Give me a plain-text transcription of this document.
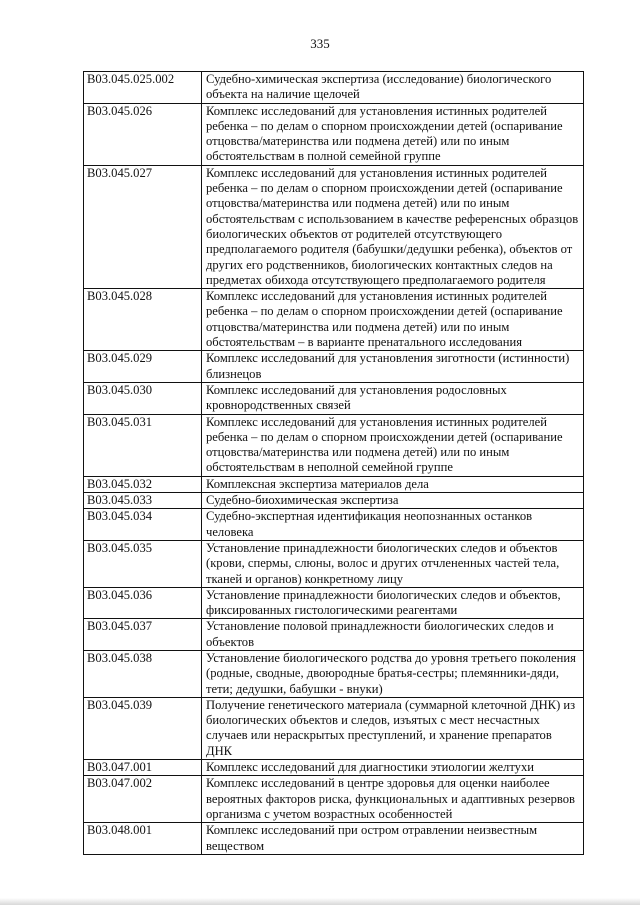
335
B03.045.025.002	Судебно-химическая экспертиза (исследование) биологического объекта на наличие щелочей
B03.045.026	Комплекс исследований для установления истинных родителей ребенка – по делам о спорном происхождении детей (оспаривание отцовства/материнства или подмена детей) или по иным обстоятельствам в полной семейной группе
B03.045.027	Комплекс исследований для установления истинных родителей ребенка – по делам о спорном происхождении детей (оспаривание отцовства/материнства или подмена детей) или по иным обстоятельствам с использованием в качестве референсных образцов биологических объектов от родителей отсутствующего предполагаемого родителя (бабушки/дедушки ребенка), объектов от других его родственников, биологических контактных следов на предметах обихода отсутствующего предполагаемого родителя
B03.045.028	Комплекс исследований для установления истинных родителей ребенка – по делам о спорном происхождении детей (оспаривание отцовства/материнства или подмена детей) или по иным обстоятельствам – в варианте пренатального исследования
B03.045.029	Комплекс исследований для установления зиготности (истинности) близнецов
B03.045.030	Комплекс исследований для установления родословных кровнородственных связей
B03.045.031	Комплекс исследований для установления истинных родителей ребенка – по делам о спорном происхождении детей (оспаривание отцовства/материнства или подмена детей) или по иным обстоятельствам в неполной семейной группе
B03.045.032	Комплексная экспертиза материалов дела
B03.045.033	Судебно-биохимическая экспертиза
B03.045.034	Судебно-экспертная идентификация неопознанных останков человека
B03.045.035	Установление принадлежности биологических следов и объектов (крови, спермы, слюны, волос и других отчлененных частей тела, тканей и органов) конкретному лицу
B03.045.036	Установление принадлежности биологических следов и объектов, фиксированных гистологическими реагентами
B03.045.037	Установление половой принадлежности биологических следов и объектов
B03.045.038	Установление биологического родства до уровня третьего поколения (родные, сводные, двоюродные братья-сестры; племянники-дяди, тети; дедушки, бабушки - внуки)
B03.045.039	Получение генетического материала (суммарной клеточной ДНК) из биологических объектов и следов, изъятых с мест несчастных случаев или нераскрытых преступлений, и хранение препаратов ДНК
B03.047.001	Комплекс исследований для диагностики этиологии желтухи
B03.047.002	Комплекс исследований в центре здоровья для оценки наиболее вероятных факторов риска, функциональных и адаптивных резервов организма с учетом возрастных особенностей
B03.048.001	Комплекс исследований при остром отравлении неизвестным веществом
